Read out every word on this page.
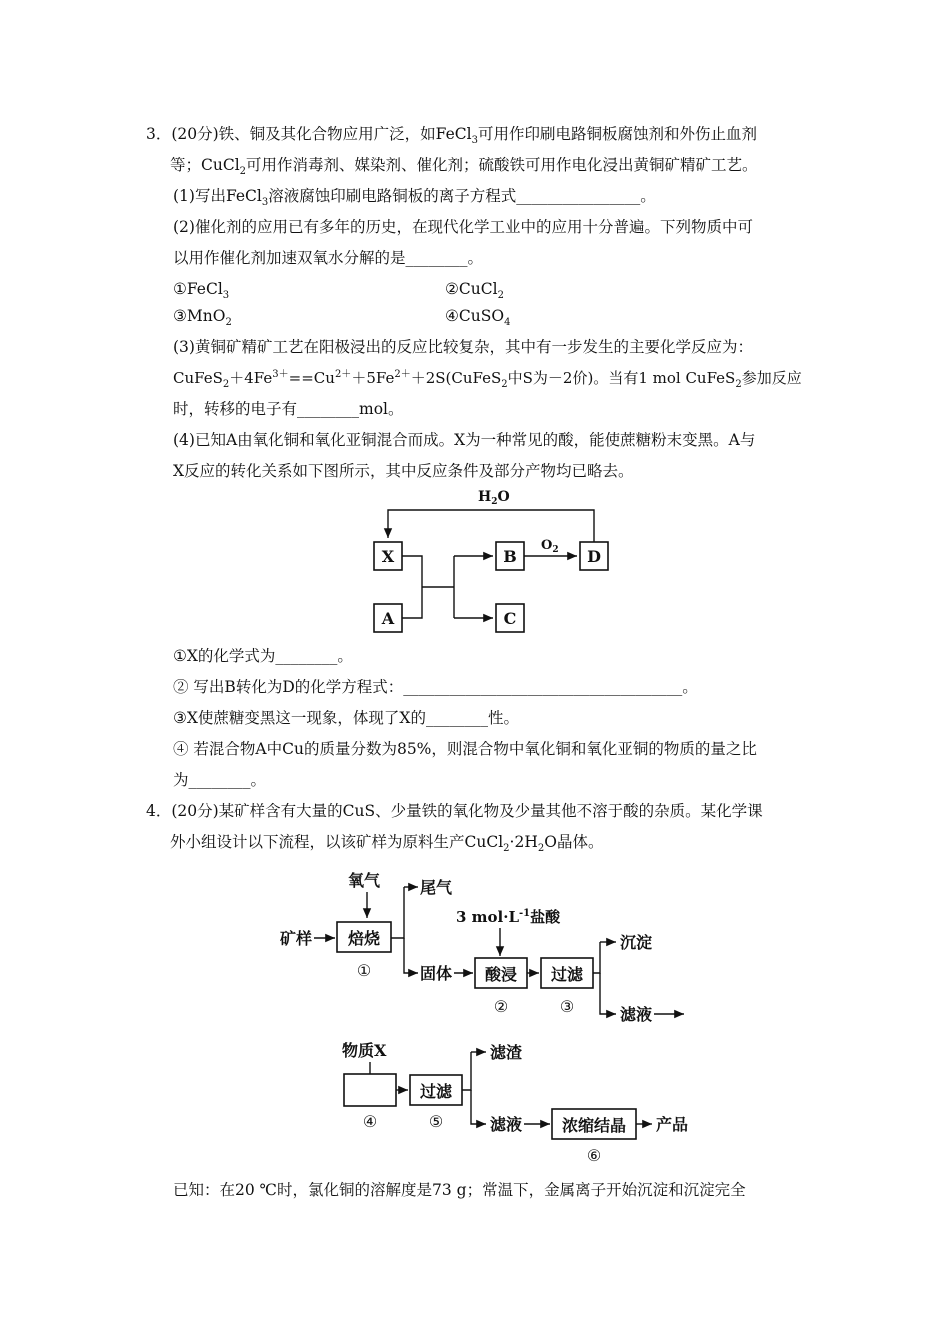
3．(20分)铁、铜及其化合物应用广泛，如FeCl$_3$可用作印刷电路铜板腐蚀剂和外伤止血剂
等；CuCl$_2$可用作消毒剂、媒染剂、催化剂；硫酸铁可用作电化浸出黄铜矿精矿工艺。
(1)写出FeCl$_3$溶液腐蚀印刷电路铜板的离子方程式________________。
(2)催化剂的应用已有多年的历史，在现代化学工业中的应用十分普遍。下列物质中可
以用作催化剂加速双氧水分解的是________。
①FeCl$_3$	②CuCl$_2$
③MnO$_2$	④CuSO$_4$
(3)黄铜矿精矿工艺在阳极浸出的反应比较复杂，其中有一步发生的主要化学反应为：
$CuFeS_2+4Fe^{3+}==Cu^{2+}+5Fe^{2+}+2S(CuFeS_2$中S为－2价)。当有1 mol CuFeS$_2$参加反应
时，转移的电子有________mol。
(4)已知A由氧化铜和氧化亚铜混合而成。X为一种常见的酸，能使蔗糖粉末变黑。A与
X反应的转化关系如下图所示，其中反应条件及部分产物均已略去。
$H_2O$
X
A
B
C
D
$O_2$
①X的化学式为________。
② 写出B转化为D的化学方程式：____________________________________。
③X使蔗糖变黑这一现象，体现了X的________性。
④ 若混合物A中Cu的质量分数为85%，则混合物中氧化铜和氧化亚铜的物质的量之比
为________。
4．(20分)某矿样含有大量的CuS、少量铁的氧化物及少量其他不溶于酸的杂质。某化学课
外小组设计以下流程，以该矿样为原料生产$CuCl_2\cdot 2H_2O$晶体。
氧气
矿样 焙烧
①
尾气
固体
3 $mol\cdot L^{-1}$盐酸
酸浸
②
过滤
③
沉淀
滤液
物质X
④
过滤
⑤
滤渣
滤液 浓缩结晶
⑥
产品
已知：在20 ℃时，氯化铜的溶解度是73 g；常温下，金属离子开始沉淀和沉淀完全
